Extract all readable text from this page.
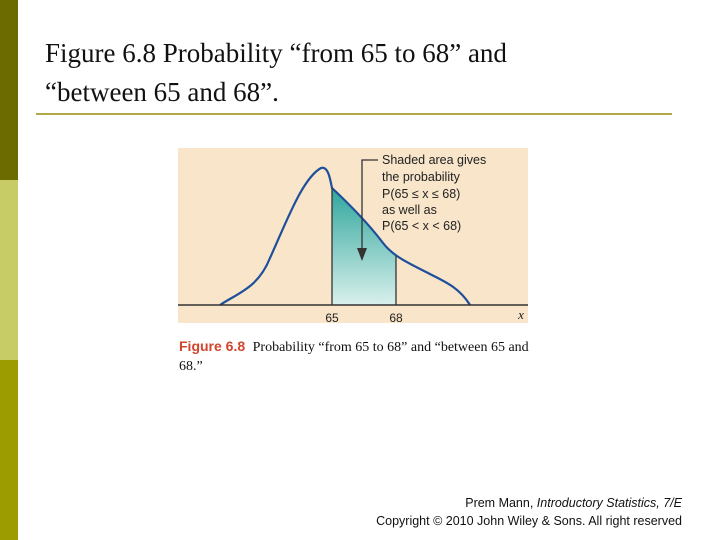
Figure 6.8 Probability “from 65 to 68” and
“between 65 and 68”.
Shaded area gives
the probability
P(65 ≤ x ≤ 68)
as well as
P(65 < x < 68)
65	68	x
Figure 6.8 Probability “from 65 to 68” and “between 65 and 68.”
Prem Mann, Introductory Statistics, 7/E
Copyright © 2010 John Wiley & Sons. All right reserved
